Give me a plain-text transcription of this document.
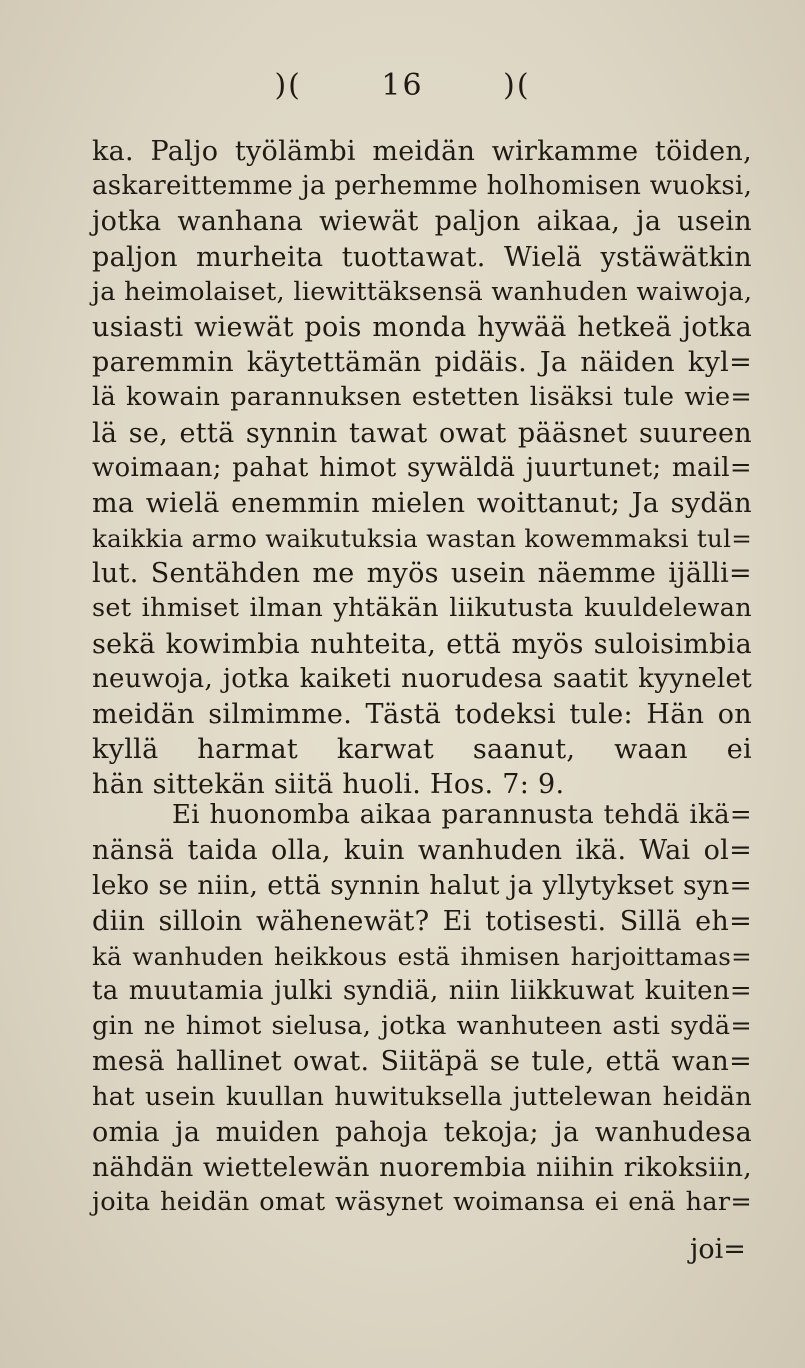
)(	16	)(
ka. Paljo työlämbi meidän wirkamme töiden,
askareittemme ja perhemme holhomisen wuoksi,
jotka wanhana wiewät paljon aikaa, ja usein
paljon murheita tuottawat. Wielä ystäwätkin
ja heimolaiset, liewittäksensä wanhuden waiwoja,
usiasti wiewät pois monda hywää hetkeä jotka
paremmin käytettämän pidäis. Ja näiden kyl=
lä kowain parannuksen estetten lisäksi tule wie=
lä se, että synnin tawat owat pääsnet suureen
woimaan; pahat himot sywäldä juurtunet; mail=
ma wielä enemmin mielen woittanut; Ja sydän
kaikkia armo waikutuksia wastan kowemmaksi tul=
lut. Sentähden me myös usein näemme ijälli=
set ihmiset ilman yhtäkän liikutusta kuuldelewan
sekä kowimbia nuhteita, että myös suloisimbia
neuwoja, jotka kaiketi nuorudesa saatit kyynelet
meidän silmimme. Tästä todeksi tule: Hän on
kyllä harmat karwat saanut, waan ei
hän sittekän siitä huoli. Hos. 7: 9.
Ei huonomba aikaa parannusta tehdä ikä=
nänsä taida olla, kuin wanhuden ikä. Wai ol=
leko se niin, että synnin halut ja yllytykset syn=
diin silloin wähenewät? Ei totisesti. Sillä eh=
kä wanhuden heikkous estä ihmisen harjoittamas=
ta muutamia julki syndiä, niin liikkuwat kuiten=
gin ne himot sielusa, jotka wanhuteen asti sydä=
mesä hallinet owat. Siitäpä se tule, että wan=
hat usein kuullan huwituksella juttelewan heidän
omia ja muiden pahoja tekoja; ja wanhudesa
nähdän wiettelewän nuorembia niihin rikoksiin,
joita heidän omat wäsynet woimansa ei enä har=
joi=
